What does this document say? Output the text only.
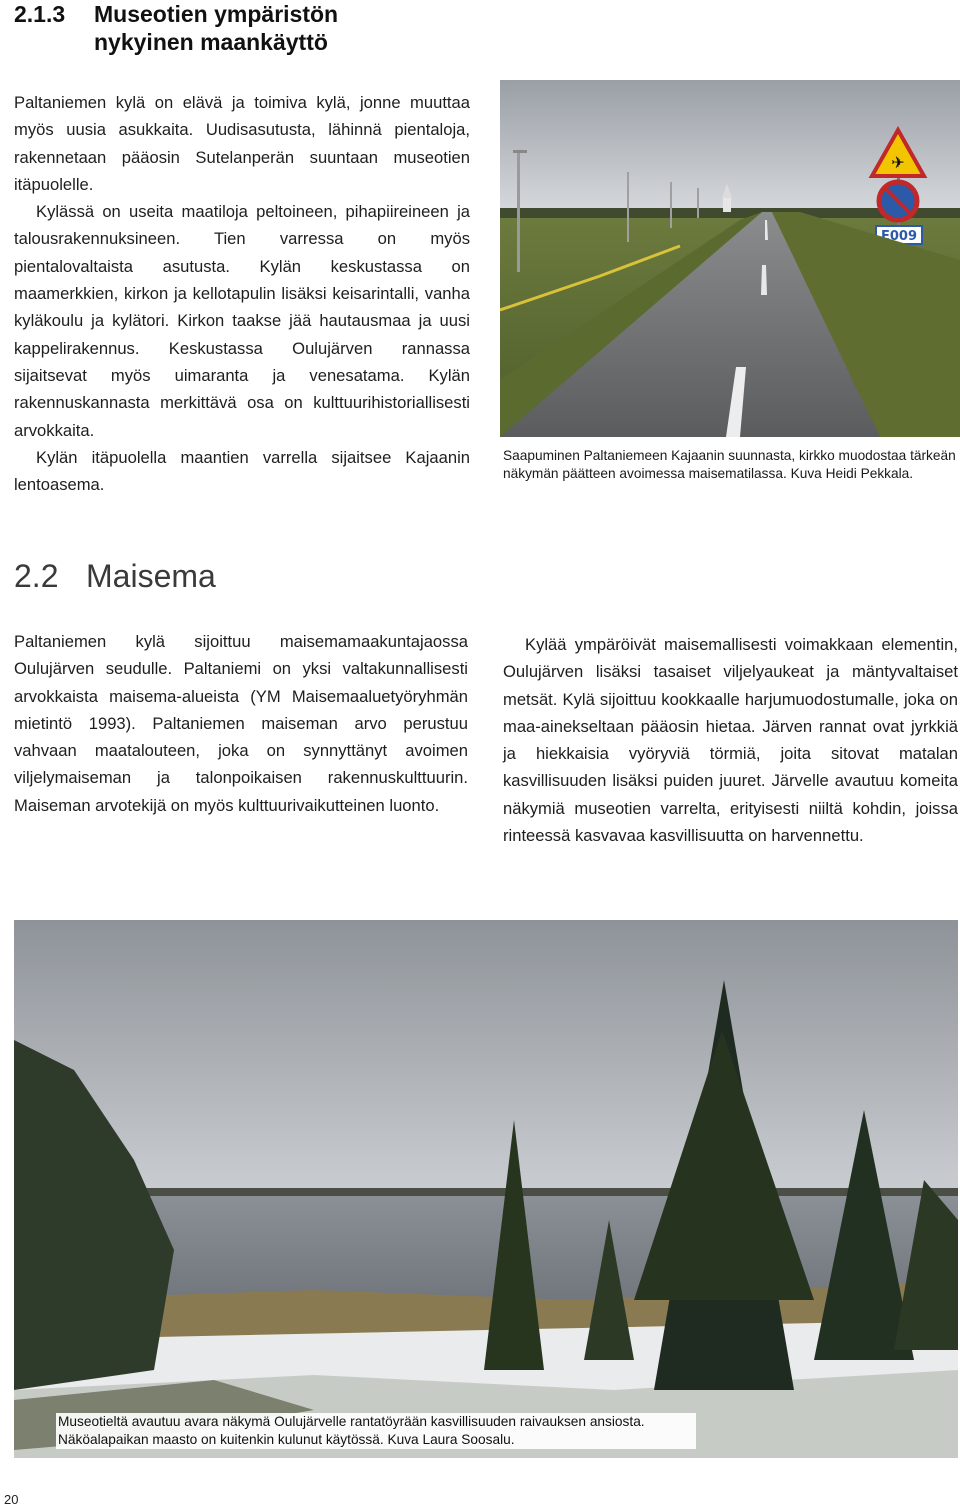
2.1.3 Museotien ympäristön
nykyinen maankäyttö

Paltaniemen kylä on elävä ja toimiva kylä, jonne muuttaa myös uusia asukkaita. Uudisasutusta, lähinnä pientaloja, rakennetaan pääosin Sutelanperän suuntaan museotien itäpuolelle.

Kylässä on useita maatiloja peltoineen, pihapiireineen ja talousrakennuksineen. Tien varressa on myös pientalovaltaista asutusta. Kylän keskustassa on maamerkkien, kirkon ja kellotapulin lisäksi keisarintalli, vanha kyläkoulu ja kylätori. Kirkon taakse jää hautausmaa ja uusi kappelirakennus. Keskustassa Oulujärven rannassa sijaitsevat myös uimaranta ja venesatama. Kylän rakennuskannasta merkittävä osa on kulttuurihistoriallisesti arvokkaita.

Kylän itäpuolella maantien varrella sijaitsee Kajaanin lentoasema.

✈
E009
Saapuminen Paltaniemeen Kajaanin suunnasta, kirkko muodostaa tärkeän näkymän päätteen avoimessa maisematilassa. Kuva Heidi Pekkala.
2.2 Maisema

Paltaniemen kylä sijoittuu maisemamaakuntajaossa Oulujärven seudulle. Paltaniemi on yksi valtakunnallisesti arvokkaista maisema-alueista (YM Maisemaaluetyöryhmän mietintö 1993). Paltaniemen maiseman arvo perustuu vahvaan maatalouteen, joka on synnyttänyt avoimen viljelymaiseman ja talonpoikaisen rakennuskulttuurin. Maiseman arvotekijä on myös kulttuurivaikutteinen luonto.

Kylää ympäröivät maisemallisesti voimakkaan elementin, Oulujärven lisäksi tasaiset viljelyaukeat ja mäntyvaltaiset metsät. Kylä sijoittuu kookkaalle harjumuodostumalle, joka on maa-ainekseltaan pääosin hietaa. Järven rannat ovat jyrkkiä ja hiekkaisia vyöryviä törmiä, joita sitovat matalan kasvillisuuden lisäksi puiden juuret. Järvelle avautuu komeita näkymiä museotien varrelta, erityisesti niiltä kohdin, joissa rinteessä kasvavaa kasvillisuutta on harvennettu.

Museotieltä avautuu avara näkymä Oulujärvelle rantatöyrään kasvillisuuden raivauksen ansiosta. Näköalapaikan maasto on kuitenkin kulunut käytössä. Kuva Laura Soosalu.
20
